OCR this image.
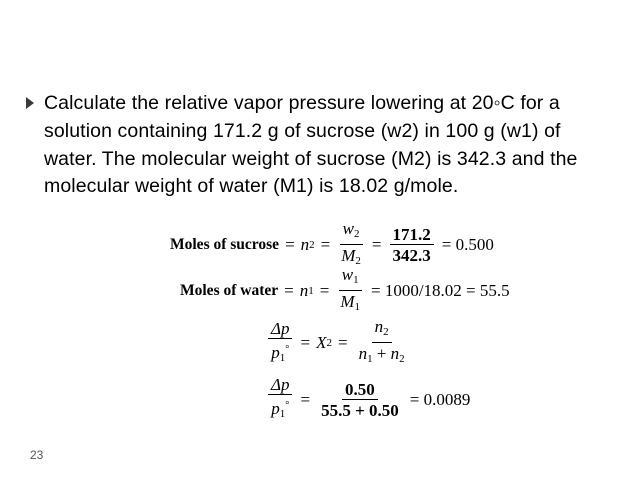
Calculate the relative vapor pressure lowering at 20◦C for a solution containing 171.2 g of sucrose (w2) in 100 g (w1) of water. The molecular weight of sucrose (M2) is 342.3 and the molecular weight of water (M1) is 18.02 g/mole.
Moles of sucrose = n $2 = \frac{w_2}{M_2} = \frac{171.2}{342.3} = 0.500$
Moles of water = n $1 = \frac{w_1}{M_1} = 1000/18.02 = 55.5$
$\frac{\Delta p}{p_1^\circ} = X$ $2 = \frac{n_2}{n_1 + n_2}$
$\frac{\Delta p}{p_1^\circ} = \frac{0.50}{55.5 + 0.50} = 0.0089$
23
